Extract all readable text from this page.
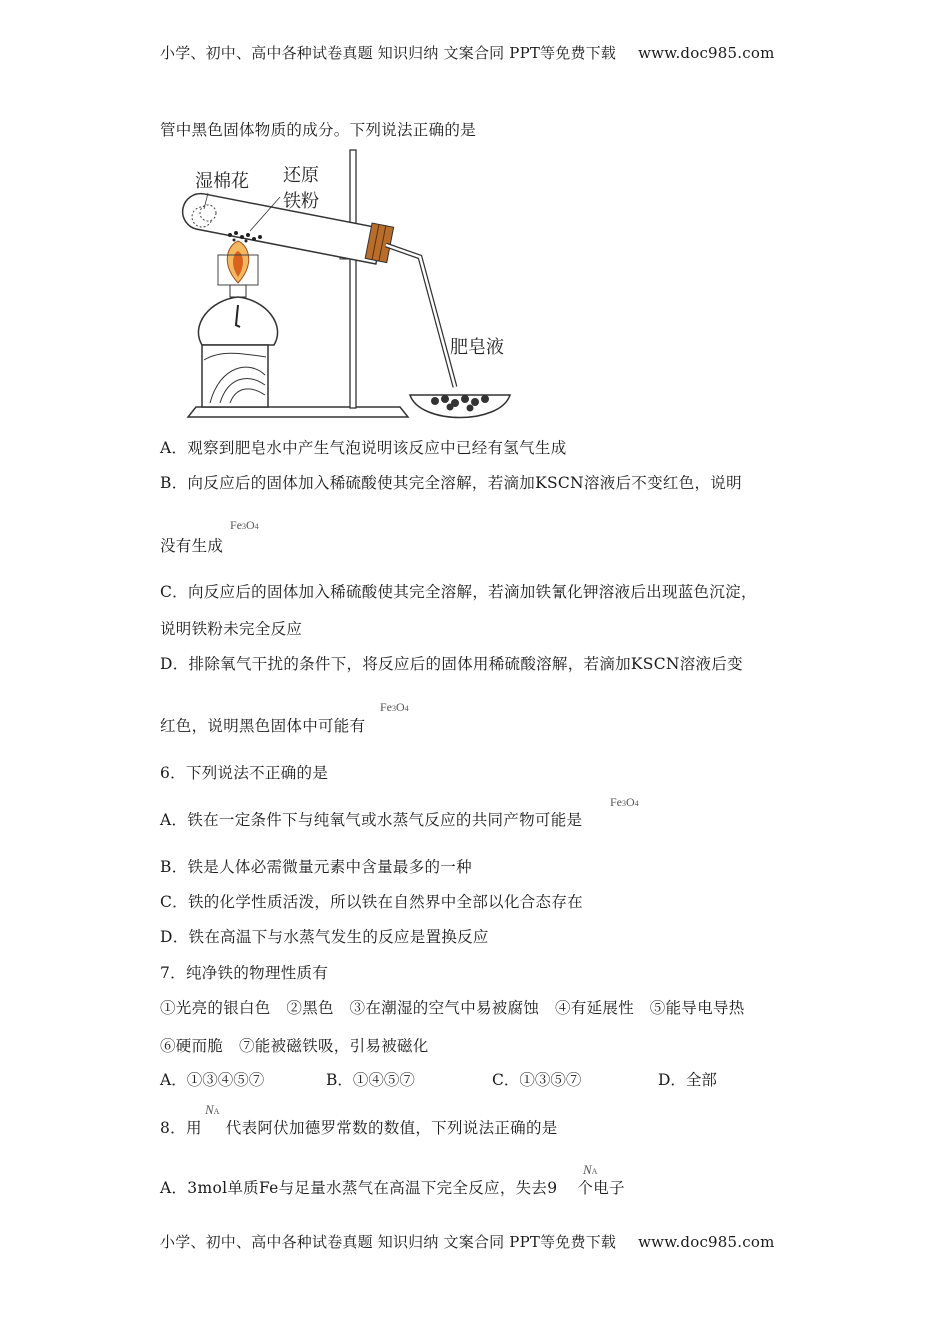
小学、初中、高中各种试卷真题 知识归纳 文案合同 PPT等免费下载 www.doc985.com
管中黑色固体物质的成分。下列说法正确的是
湿棉花 还原
铁粉
肥皂液
A．观察到肥皂水中产生气泡说明该反应中已经有氢气生成
B．向反应后的固体加入稀硫酸使其完全溶解，若滴加KSCN溶液后不变红色，说明
没有生成
Fe3O4
C．向反应后的固体加入稀硫酸使其完全溶解，若滴加铁氰化钾溶液后出现蓝色沉淀，
说明铁粉未完全反应
D．排除氧气干扰的条件下，将反应后的固体用稀硫酸溶解，若滴加KSCN溶液后变
红色，说明黑色固体中可能有
Fe3O4
6．下列说法不正确的是
A．铁在一定条件下与纯氧气或水蒸气反应的共同产物可能是
Fe3O4
B．铁是人体必需微量元素中含量最多的一种
C．铁的化学性质活泼，所以铁在自然界中全部以化合态存在
D．铁在高温下与水蒸气发生的反应是置换反应
7．纯净铁的物理性质有
①光亮的银白色　②黑色　③在潮湿的空气中易被腐蚀　④有延展性　⑤能导电导热
⑥硬而脆　⑦能被磁铁吸，引易被磁化
A．①③④⑤⑦	B．①④⑤⑦	C．①③⑤⑦	D．全部
8．用 代表阿伏加德罗常数的数值，下列说法正确的是
NA
A．3mol单质Fe与足量水蒸气在高温下完全反应，失去9 个电子
NA
小学、初中、高中各种试卷真题 知识归纳 文案合同 PPT等免费下载 www.doc985.com
